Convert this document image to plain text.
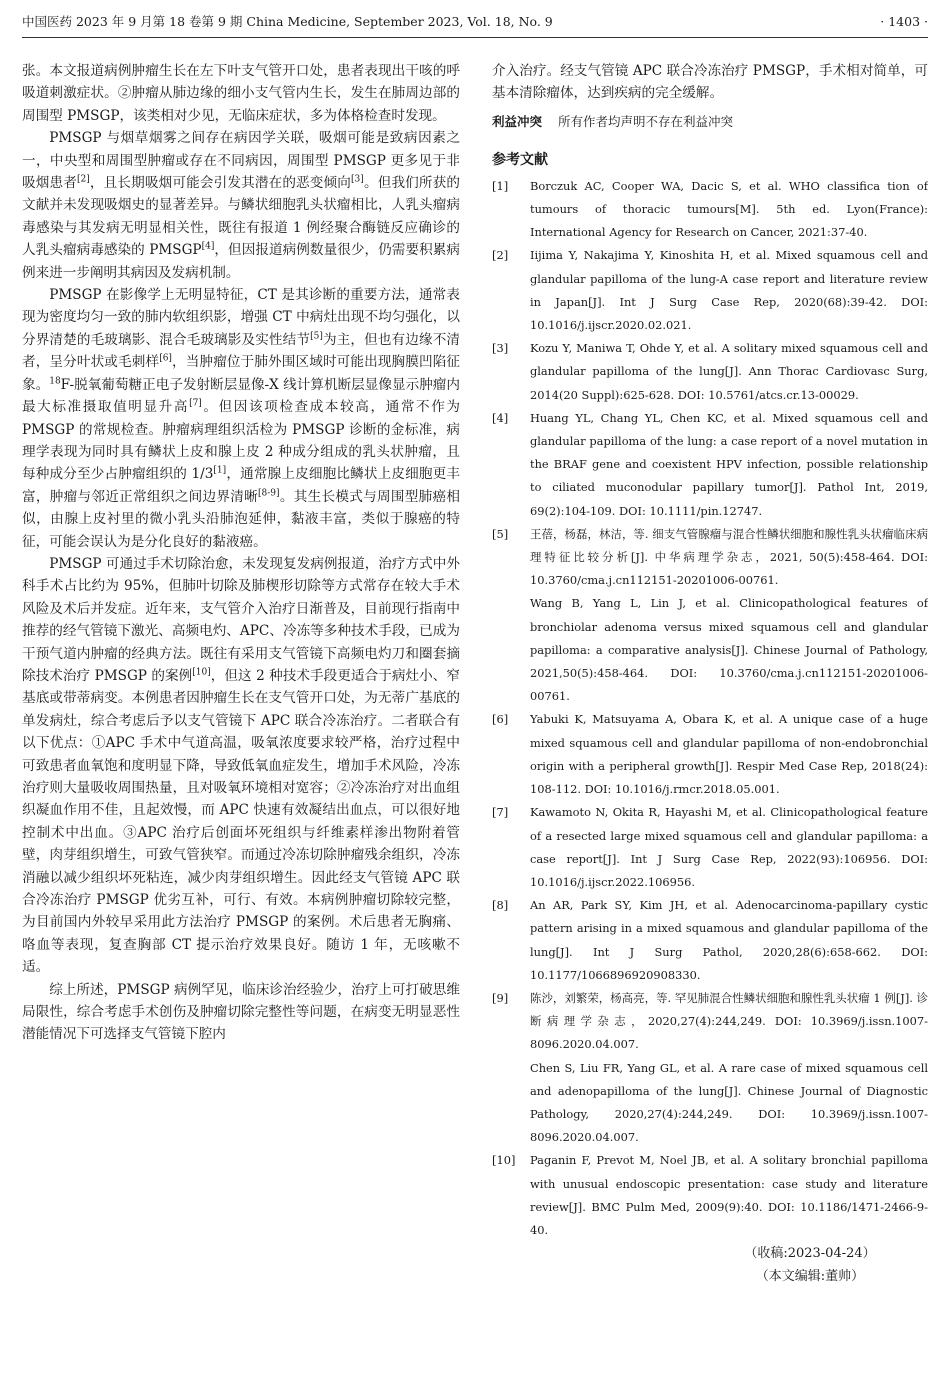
中国医药 2023 年 9 月第 18 卷第 9 期 China Medicine, September 2023, Vol. 18, No. 9	· 1403 ·

张。本文报道病例肿瘤生长在左下叶支气管开口处，患者表现出干咳的呼吸道刺激症状。②肿瘤从肺边缘的细小支气管内生长，发生在肺周边部的周围型 PMSGP，该类相对少见，无临床症状，多为体格检查时发现。

PMSGP 与烟草烟雾之间存在病因学关联，吸烟可能是致病因素之一，中央型和周围型肿瘤或存在不同病因，周围型 PMSGP 更多见于非吸烟患者[2]，且长期吸烟可能会引发其潜在的恶变倾向[3]。但我们所获的文献并未发现吸烟史的显著差异。与鳞状细胞乳头状瘤相比，人乳头瘤病毒感染与其发病无明显相关性，既往有报道 1 例经聚合酶链反应确诊的人乳头瘤病毒感染的 PMSGP[4]，但因报道病例数量很少，仍需要积累病例来进一步阐明其病因及发病机制。

PMSGP 在影像学上无明显特征，CT 是其诊断的重要方法，通常表现为密度均匀一致的肺内软组织影，增强 CT 中病灶出现不均匀强化，以分界清楚的毛玻璃影、混合毛玻璃影及实性结节[5]为主，但也有边缘不清者，呈分叶状或毛刺样[6]，当肿瘤位于肺外围区域时可能出现胸膜凹陷征象。$^{18}$F-脱氧葡萄糖正电子发射断层显像-X 线计算机断层显像显示肿瘤内最大标准摄取值明显升高[7]。但因该项检查成本较高，通常不作为 PMSGP 的常规检查。肿瘤病理组织活检为 PMSGP 诊断的金标准，病理学表现为同时具有鳞状上皮和腺上皮 2 种成分组成的乳头状肿瘤，且每种成分至少占肿瘤组织的 1/3[1]，通常腺上皮细胞比鳞状上皮细胞更丰富，肿瘤与邻近正常组织之间边界清晰[8-9]。其生长模式与周围型肺癌相似，由腺上皮衬里的微小乳头沿肺泡延伸，黏液丰富，类似于腺癌的特征，可能会误认为是分化良好的黏液癌。

PMSGP 可通过手术切除治愈，未发现复发病例报道，治疗方式中外科手术占比约为 95%，但肺叶切除及肺楔形切除等方式常存在较大手术风险及术后并发症。近年来，支气管介入治疗日渐普及，目前现行指南中推荐的经气管镜下激光、高频电灼、APC、冷冻等多种技术手段，已成为干预气道内肿瘤的经典方法。既往有采用支气管镜下高频电灼刀和圈套摘除技术治疗 PMSGP 的案例[10]，但这 2 种技术手段更适合于病灶小、窄基底或带蒂病变。本例患者因肿瘤生长在支气管开口处，为无蒂广基底的单发病灶，综合考虑后予以支气管镜下 APC 联合冷冻治疗。二者联合有以下优点：①APC 手术中气道高温，吸氧浓度要求较严格，治疗过程中可致患者血氧饱和度明显下降，导致低氧血症发生，增加手术风险，冷冻治疗则大量吸收周围热量，且对吸氧环境相对宽容；②冷冻治疗对出血组织凝血作用不佳，且起效慢，而 APC 快速有效凝结出血点，可以很好地控制术中出血。③APC 治疗后创面坏死组织与纤维素样渗出物附着管壁，肉芽组织增生，可致气管狭窄。而通过冷冻切除肿瘤残余组织，冷冻消融以减少组织坏死粘连，减少肉芽组织增生。因此经支气管镜 APC 联合冷冻治疗 PMSGP 优劣互补，可行、有效。本病例肿瘤切除较完整，为目前国内外较早采用此方法治疗 PMSGP 的案例。术后患者无胸痛、咯血等表现，复查胸部 CT 提示治疗效果良好。随访 1 年，无咳嗽不适。

综上所述，PMSGP 病例罕见，临床诊治经验少，治疗上可打破思维局限性，综合考虑手术创伤及肿瘤切除完整性等问题，在病变无明显恶性潜能情况下可选择支气管镜下腔内

介入治疗。经支气管镜 APC 联合冷冻治疗 PMSGP，手术相对简单，可基本清除瘤体，达到疾病的完全缓解。

利益冲突 所有作者均声明不存在利益冲突
参考文献
[1]	Borczuk AC, Cooper WA, Dacic S, et al. WHO classifica tion of tumours of thoracic tumours[M]. 5th ed. Lyon(France): International Agency for Research on Cancer, 2021:37-40.
[2]	Iijima Y, Nakajima Y, Kinoshita H, et al. Mixed squamous cell and glandular papilloma of the lung-A case report and literature review in Japan[J]. Int J Surg Case Rep, 2020(68):39-42. DOI: 10.1016/j.ijscr.2020.02.021.
[3]	Kozu Y, Maniwa T, Ohde Y, et al. A solitary mixed squamous cell and glandular papilloma of the lung[J]. Ann Thorac Cardiovasc Surg, 2014(20 Suppl):625-628. DOI: 10.5761/atcs.cr.13-00029.
[4]	Huang YL, Chang YL, Chen KC, et al. Mixed squamous cell and glandular papilloma of the lung: a case report of a novel mutation in the BRAF gene and coexistent HPV infection, possible relationship to ciliated muconodular papillary tumor[J]. Pathol Int, 2019, 69(2):104-109. DOI: 10.1111/pin.12747.
[5]	王蓓，杨磊，林洁，等. 细支气管腺瘤与混合性鳞状细胞和腺性乳头状瘤临床病理特征比较分析[J]. 中华病理学杂志，2021, 50(5):458-464. DOI: 10.3760/cma.j.cn112151-20201006-00761.
Wang B, Yang L, Lin J, et al. Clinicopathological features of bronchiolar adenoma versus mixed squamous cell and glandular papilloma: a comparative analysis[J]. Chinese Journal of Pathology, 2021,50(5):458-464. DOI: 10.3760/cma.j.cn112151-20201006-00761.
[6]	Yabuki K, Matsuyama A, Obara K, et al. A unique case of a huge mixed squamous cell and glandular papilloma of non-endobronchial origin with a peripheral growth[J]. Respir Med Case Rep, 2018(24): 108-112. DOI: 10.1016/j.rmcr.2018.05.001.
[7]	Kawamoto N, Okita R, Hayashi M, et al. Clinicopathological feature of a resected large mixed squamous cell and glandular papilloma: a case report[J]. Int J Surg Case Rep, 2022(93):106956. DOI: 10.1016/j.ijscr.2022.106956.
[8]	An AR, Park SY, Kim JH, et al. Adenocarcinoma-papillary cystic pattern arising in a mixed squamous and glandular papilloma of the lung[J]. Int J Surg Pathol, 2020,28(6):658-662. DOI: 10.1177/1066896920908330.
[9]	陈沙，刘繁荣，杨高亮，等. 罕见肺混合性鳞状细胞和腺性乳头状瘤 1 例[J]. 诊断病理学杂志，2020,27(4):244,249. DOI: 10.3969/j.issn.1007-8096.2020.04.007.
Chen S, Liu FR, Yang GL, et al. A rare case of mixed squamous cell and adenopapilloma of the lung[J]. Chinese Journal of Diagnostic Pathology, 2020,27(4):244,249. DOI: 10.3969/j.issn.1007-8096.2020.04.007.
[10]	Paganin F, Prevot M, Noel JB, et al. A solitary bronchial papilloma with unusual endoscopic presentation: case study and literature review[J]. BMC Pulm Med, 2009(9):40. DOI: 10.1186/1471-2466-9-40.
（收稿:2023-04-24）
（本文编辑:董帅）
